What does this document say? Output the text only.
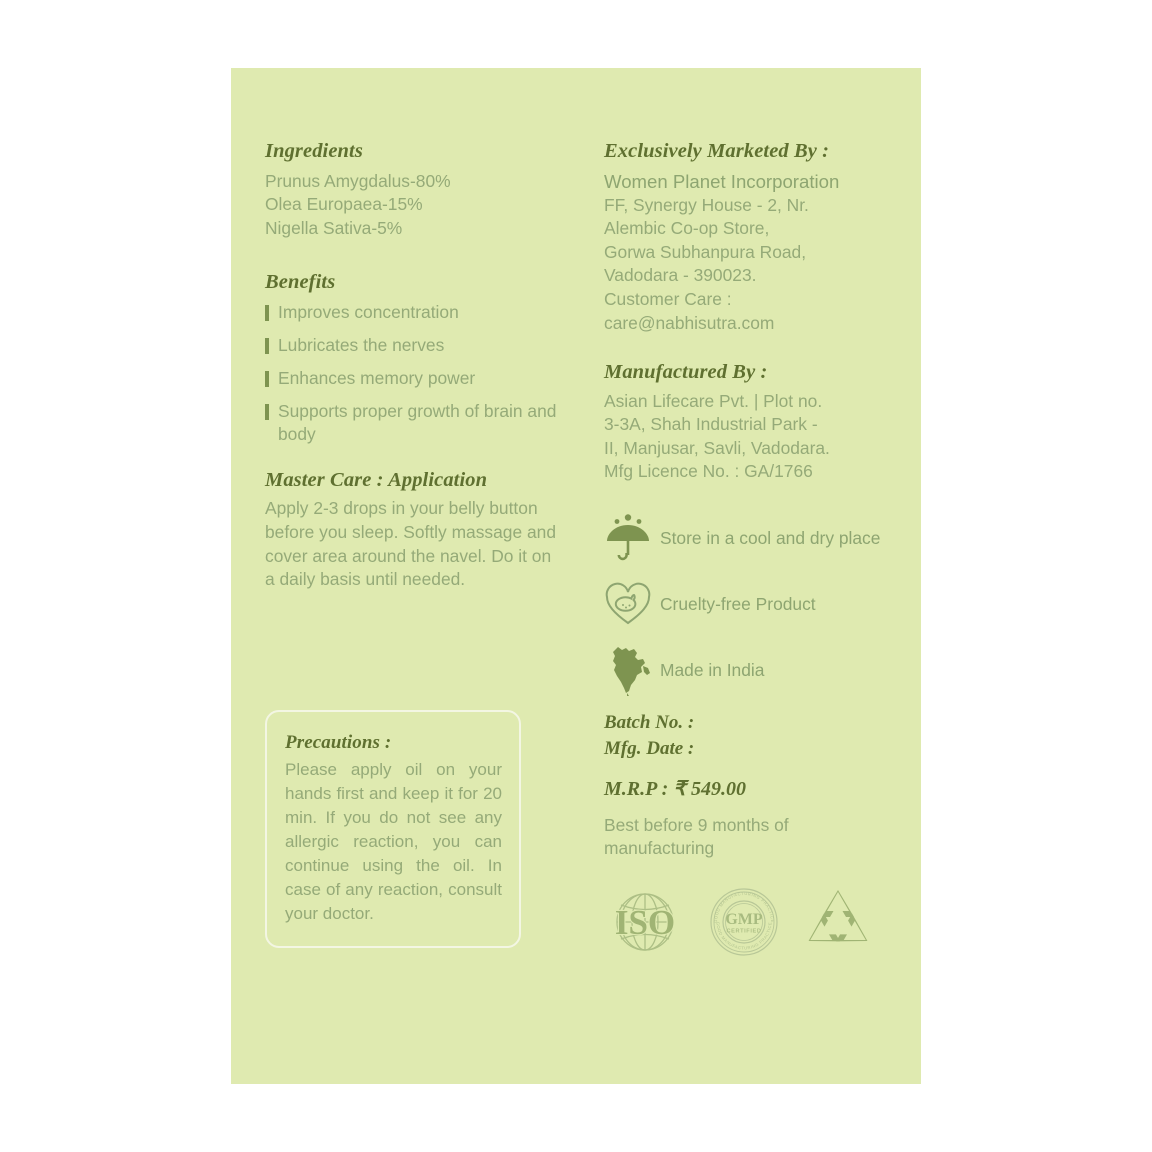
Ingredients

Prunus Amygdalus-80%
Olea Europaea-15%
Nigella Sativa-5%

Benefits
Improves concentration
Lubricates the nerves
Enhances memory power
Supports proper growth of brain and body
Master Care : Application

Apply 2-3 drops in your belly button before you sleep. Softly massage and cover area around the navel. Do it on a daily basis until needed.

Precautions :

Please apply oil on your hands first and keep it for 20 min. If you do not see any allergic reaction, you can continue using the oil. In case of any reaction, consult your doctor.

Exclusively Marketed By :
Women Planet Incorporation

FF, Synergy House - 2, Nr.
Alembic Co-op Store,
Gorwa Subhanpura Road,
Vadodara - 390023.
Customer Care :
care@nabhisutra.com

Manufactured By :

Asian Lifecare Pvt. | Plot no.
3-3A, Shah Industrial Park -
II, Manjusar, Savli, Vadodara.
Mfg Licence No. : GA/1766

Store in a cool and dry place
Cruelty-free Product
Made in India
Batch No. :
Mfg. Date :
M.R.P : ₹ 549.00
Best before 9 months of manufacturing
ISO	GOOD MANUFACTURING PRACTICE
GOOD MANUFACTURING PRACTICE
GMP
CERTIFIED
